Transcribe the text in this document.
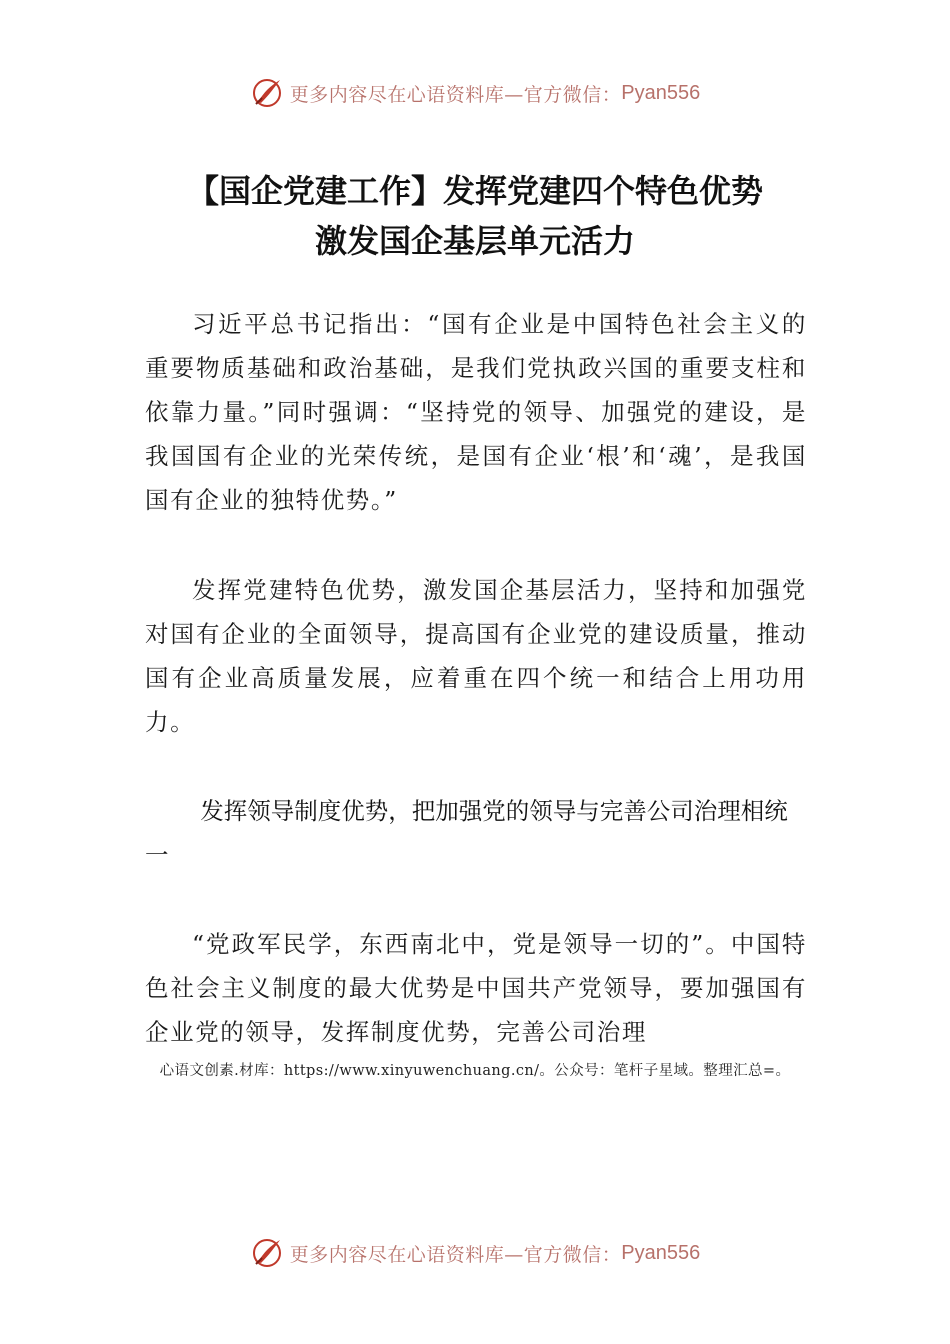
更多内容尽在心语资料库—官方微信： Pyan556
【国企党建工作】发挥党建四个特色优势
激发国企基层单元活力

习近平总书记指出：“国有企业是中国特色社会主义的重要物质基础和政治基础，是我们党执政兴国的重要支柱和依靠力量。”同时强调：“坚持党的领导、加强党的建设，是我国国有企业的光荣传统，是国有企业‘根’和‘魂’，是我国国有企业的独特优势。”

发挥党建特色优势，激发国企基层活力，坚持和加强党对国有企业的全面领导，提高国有企业党的建设质量，推动国有企业高质量发展，应着重在四个统一和结合上用功用力。

发挥领导制度优势，把加强党的领导与完善公司治理相统一

“党政军民学，东西南北中，党是领导一切的”。中国特色社会主义制度的最大优势是中国共产党领导，要加强国有企业党的领导，发挥制度优势，完善公司治理

心语文创素.材库：https://www.xinyuwenchuang.cn/。公众号：笔杆子星域。整理汇总=。
更多内容尽在心语资料库—官方微信： Pyan556
